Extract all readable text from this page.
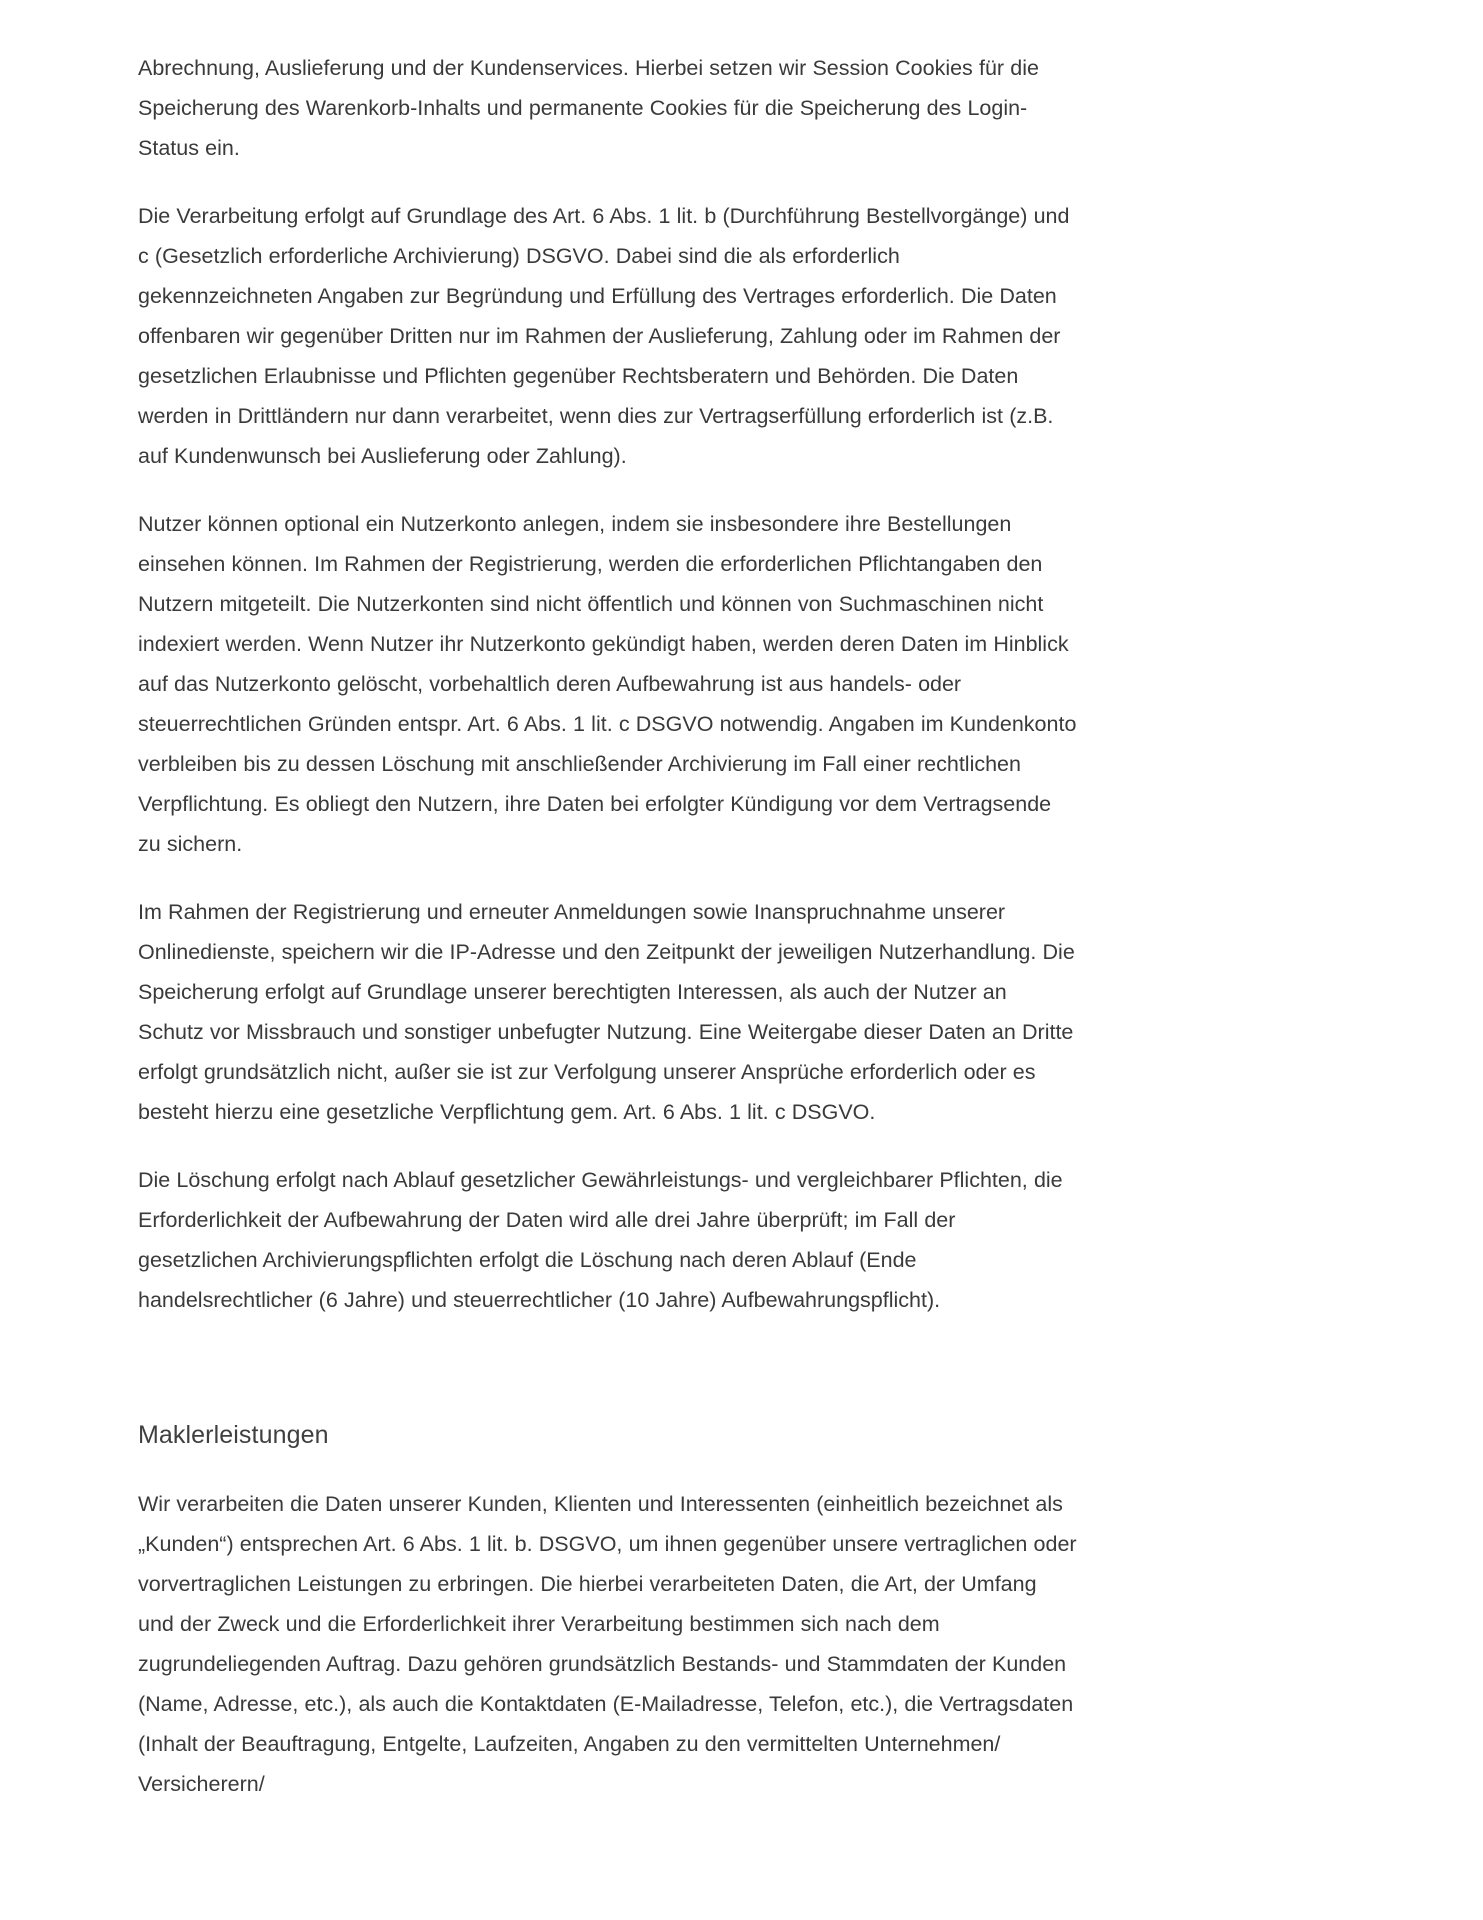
Abrechnung, Auslieferung und der Kundenservices. Hierbei setzen wir Session Cookies für die Speicherung des Warenkorb-Inhalts und permanente Cookies für die Speicherung des Login-Status ein.

Die Verarbeitung erfolgt auf Grundlage des Art. 6 Abs. 1 lit. b (Durchführung Bestellvorgänge) und c (Gesetzlich erforderliche Archivierung) DSGVO. Dabei sind die als erforderlich gekennzeichneten Angaben zur Begründung und Erfüllung des Vertrages erforderlich. Die Daten offenbaren wir gegenüber Dritten nur im Rahmen der Auslieferung, Zahlung oder im Rahmen der gesetzlichen Erlaubnisse und Pflichten gegenüber Rechtsberatern und Behörden. Die Daten werden in Drittländern nur dann verarbeitet, wenn dies zur Vertragserfüllung erforderlich ist (z.B. auf Kundenwunsch bei Auslieferung oder Zahlung).

Nutzer können optional ein Nutzerkonto anlegen, indem sie insbesondere ihre Bestellungen einsehen können. Im Rahmen der Registrierung, werden die erforderlichen Pflichtangaben den Nutzern mitgeteilt. Die Nutzerkonten sind nicht öffentlich und können von Suchmaschinen nicht indexiert werden. Wenn Nutzer ihr Nutzerkonto gekündigt haben, werden deren Daten im Hinblick auf das Nutzerkonto gelöscht, vorbehaltlich deren Aufbewahrung ist aus handels- oder steuerrechtlichen Gründen entspr. Art. 6 Abs. 1 lit. c DSGVO notwendig. Angaben im Kundenkonto verbleiben bis zu dessen Löschung mit anschließender Archivierung im Fall einer rechtlichen Verpflichtung. Es obliegt den Nutzern, ihre Daten bei erfolgter Kündigung vor dem Vertragsende zu sichern.

Im Rahmen der Registrierung und erneuter Anmeldungen sowie Inanspruchnahme unserer Onlinedienste, speichern wir die IP-Adresse und den Zeitpunkt der jeweiligen Nutzerhandlung. Die Speicherung erfolgt auf Grundlage unserer berechtigten Interessen, als auch der Nutzer an Schutz vor Missbrauch und sonstiger unbefugter Nutzung. Eine Weitergabe dieser Daten an Dritte erfolgt grundsätzlich nicht, außer sie ist zur Verfolgung unserer Ansprüche erforderlich oder es besteht hierzu eine gesetzliche Verpflichtung gem. Art. 6 Abs. 1 lit. c DSGVO.

Die Löschung erfolgt nach Ablauf gesetzlicher Gewährleistungs- und vergleichbarer Pflichten, die Erforderlichkeit der Aufbewahrung der Daten wird alle drei Jahre überprüft; im Fall der gesetzlichen Archivierungspflichten erfolgt die Löschung nach deren Ablauf (Ende handelsrechtlicher (6 Jahre) und steuerrechtlicher (10 Jahre) Aufbewahrungspflicht).

Maklerleistungen

Wir verarbeiten die Daten unserer Kunden, Klienten und Interessenten (einheitlich bezeichnet als „Kunden“) entsprechen Art. 6 Abs. 1 lit. b. DSGVO, um ihnen gegenüber unsere vertraglichen oder vorvertraglichen Leistungen zu erbringen. Die hierbei verarbeiteten Daten, die Art, der Umfang und der Zweck und die Erforderlichkeit ihrer Verarbeitung bestimmen sich nach dem zugrundeliegenden Auftrag. Dazu gehören grundsätzlich Bestands- und Stammdaten der Kunden (Name, Adresse, etc.), als auch die Kontaktdaten (E-Mailadresse, Telefon, etc.), die Vertragsdaten (Inhalt der Beauftragung, Entgelte, Laufzeiten, Angaben zu den vermittelten Unternehmen/ Versicherern/
